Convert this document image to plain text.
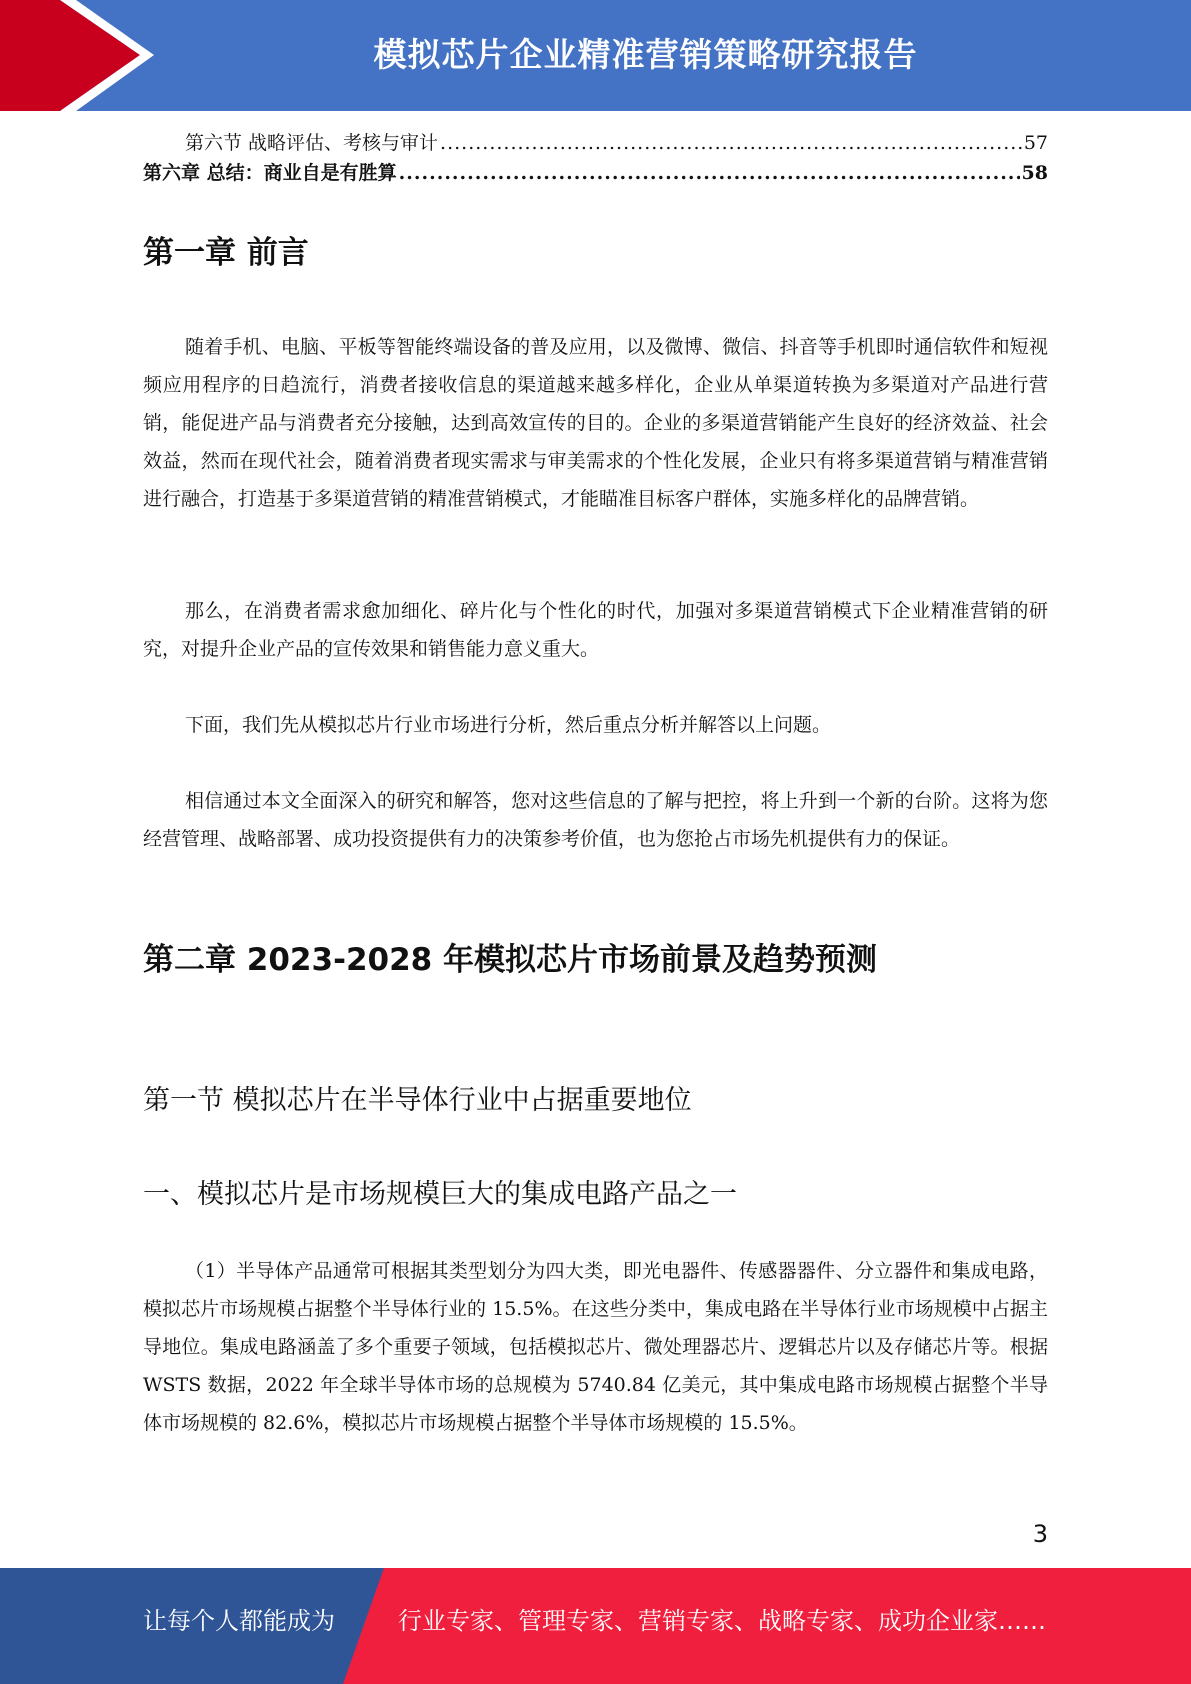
模拟芯片企业精准营销策略研究报告
第六节 战略评估、考核与审计 .....	57
第六章 总结：商业自是有胜算 .....	58
第一章 前言

随着手机、电脑、平板等智能终端设备的普及应用，以及微博、微信、抖音等手机即时通信软件和短视频应用程序的日趋流行，消费者接收信息的渠道越来越多样化，企业从单渠道转换为多渠道对产品进行营销，能促进产品与消费者充分接触，达到高效宣传的目的。企业的多渠道营销能产生良好的经济效益、社会效益，然而在现代社会，随着消费者现实需求与审美需求的个性化发展，企业只有将多渠道营销与精准营销进行融合，打造基于多渠道营销的精准营销模式，才能瞄准目标客户群体，实施多样化的品牌营销。

那么，在消费者需求愈加细化、碎片化与个性化的时代，加强对多渠道营销模式下企业精准营销的研究，对提升企业产品的宣传效果和销售能力意义重大。

下面，我们先从模拟芯片行业市场进行分析，然后重点分析并解答以上问题。

相信通过本文全面深入的研究和解答，您对这些信息的了解与把控，将上升到一个新的台阶。这将为您经营管理、战略部署、成功投资提供有力的决策参考价值，也为您抢占市场先机提供有力的保证。

第二章 2023-2028 年模拟芯片市场前景及趋势预测
第一节 模拟芯片在半导体行业中占据重要地位
一、模拟芯片是市场规模巨大的集成电路产品之一

（1）半导体产品通常可根据其类型划分为四大类，即光电器件、传感器器件、分立器件和集成电路，模拟芯片市场规模占据整个半导体行业的 15.5%。在这些分类中，集成电路在半导体行业市场规模中占据主导地位。集成电路涵盖了多个重要子领域，包括模拟芯片、微处理器芯片、逻辑芯片以及存储芯片等。根据 WSTS 数据，2022 年全球半导体市场的总规模为 5740.84 亿美元，其中集成电路市场规模占据整个半导体市场规模的 82.6%，模拟芯片市场规模占据整个半导体市场规模的 15.5%。

3
让每个人都能成为	行业专家、管理专家、营销专家、战略专家、成功企业家……
